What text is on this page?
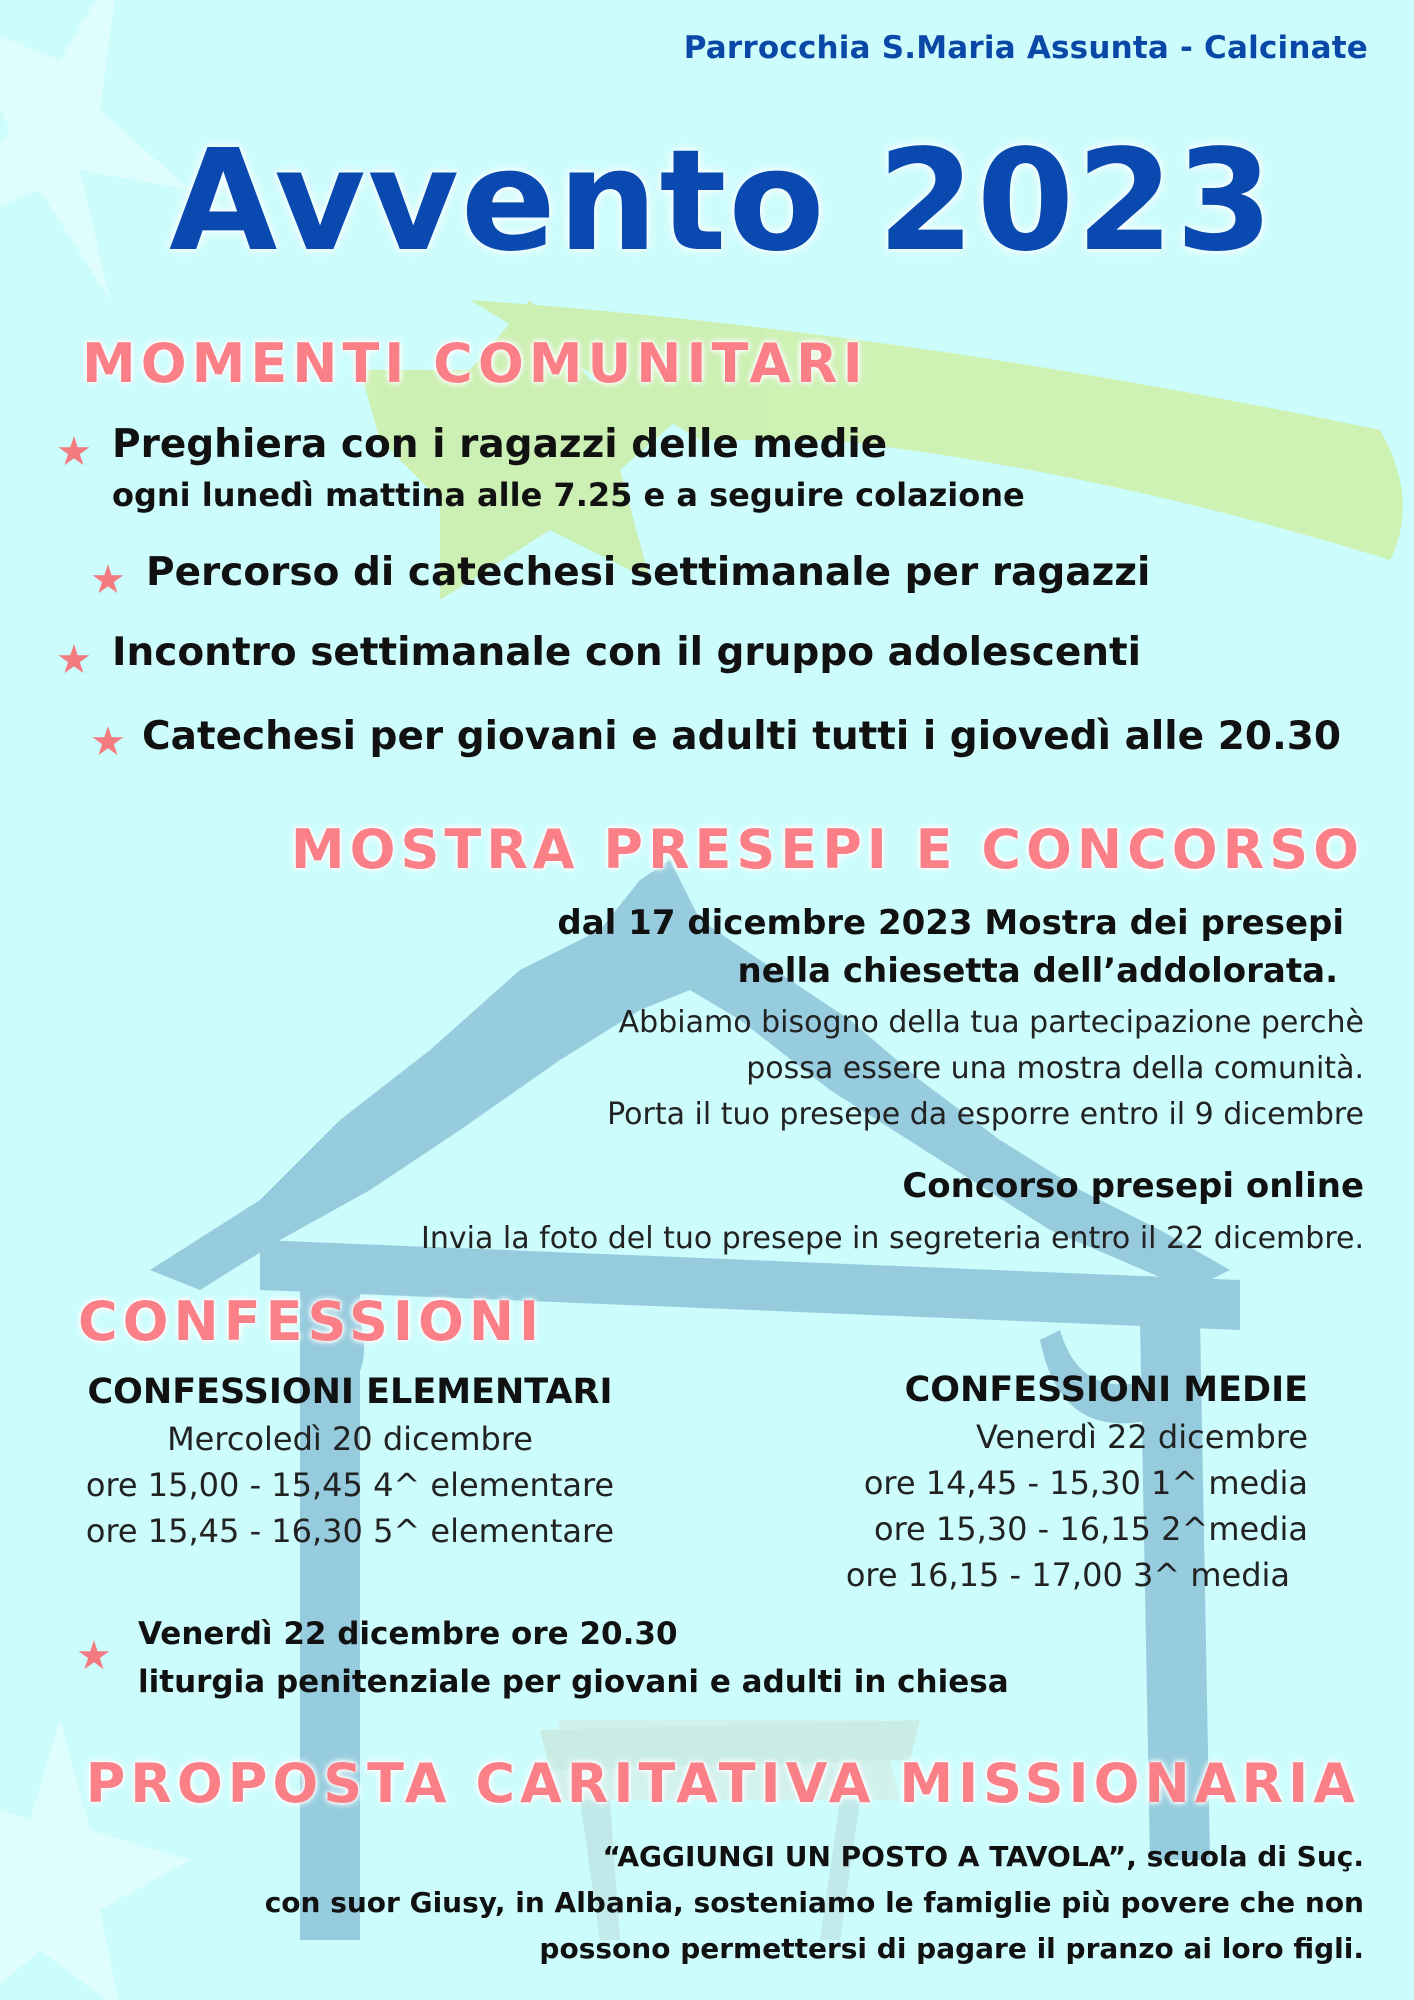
Parrocchia S.Maria Assunta - Calcinate
Avvento 2023
MOMENTI COMUNITARI
★ Preghiera con i ragazzi delle medie
ogni lunedì mattina alle 7.25 e a seguire colazione
★ Percorso di catechesi settimanale per ragazzi
★ Incontro settimanale con il gruppo adolescenti
★ Catechesi per giovani e adulti tutti i giovedì alle 20.30
MOSTRA PRESEPI E CONCORSO
dal 17 dicembre 2023 Mostra dei presepi
nella chiesetta dell’addolorata.
Abbiamo bisogno della tua partecipazione perchè
possa essere una mostra della comunità.
Porta il tuo presepe da esporre entro il 9 dicembre
Concorso presepi online
Invia la foto del tuo presepe in segreteria entro il 22 dicembre.
CONFESSIONI
CONFESSIONI ELEMENTARI
Mercoledì 20 dicembre
ore 15,00 - 15,45 4^ elementare
ore 15,45 - 16,30 5^ elementare
CONFESSIONI MEDIE
Venerdì 22 dicembre
ore 14,45 - 15,30 1^ media
ore 15,30 - 16,15 2^media
ore 16,15 - 17,00 3^ media
★ Venerdì 22 dicembre ore 20.30
liturgia penitenziale per giovani e adulti in chiesa
PROPOSTA CARITATIVA MISSIONARIA
“AGGIUNGI UN POSTO A TAVOLA”, scuola di Suç.
con suor Giusy, in Albania, sosteniamo le famiglie più povere che non
possono permettersi di pagare il pranzo ai loro figli.
